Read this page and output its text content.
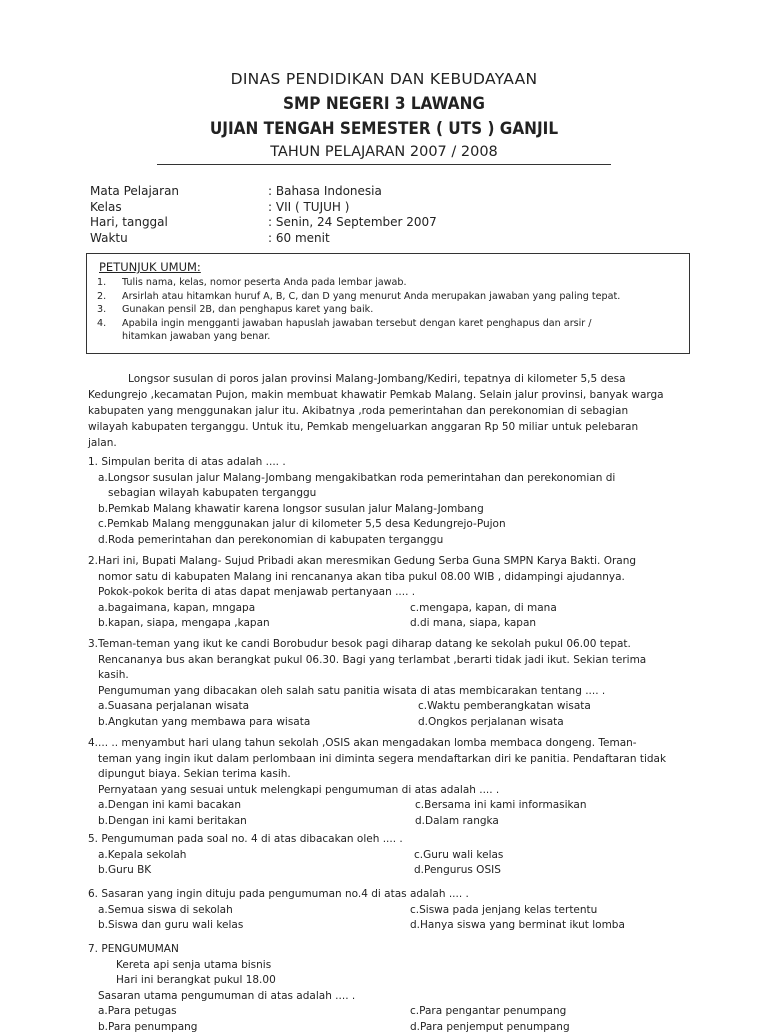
DINAS PENDIDIKAN DAN KEBUDAYAAN
SMP NEGERI 3 LAWANG
UJIAN TENGAH SEMESTER ( UTS ) GANJIL
TAHUN PELAJARAN 2007 / 2008
Mata Pelajaran	: Bahasa Indonesia
Kelas	: VII ( TUJUH )
Hari, tanggal	: Senin, 24 September 2007
Waktu	: 60 menit
PETUNJUK UMUM:
1. Tulis nama, kelas, nomor peserta Anda pada lembar jawab.
2. Arsirlah atau hitamkan huruf A, B, C, dan D yang menurut Anda merupakan jawaban yang paling tepat.
3. Gunakan pensil 2B, dan penghapus karet yang baik.
4. Apabila ingin mengganti jawaban hapuslah jawaban tersebut dengan karet penghapus dan arsir /
hitamkan jawaban yang benar.
Longsor susulan di poros jalan provinsi Malang-Jombang/Kediri, tepatnya di kilometer 5,5 desa
Kedungrejo ,kecamatan Pujon, makin membuat khawatir Pemkab Malang. Selain jalur provinsi, banyak warga
kabupaten yang menggunakan jalur itu. Akibatnya ,roda pemerintahan dan perekonomian di sebagian
wilayah kabupaten terganggu. Untuk itu, Pemkab mengeluarkan anggaran Rp 50 miliar untuk pelebaran
jalan.
1. Simpulan berita di atas adalah .... .
a.Longsor susulan jalur Malang-Jombang mengakibatkan roda pemerintahan dan perekonomian di
sebagian wilayah kabupaten terganggu
b.Pemkab Malang khawatir karena longsor susulan jalur Malang-Jombang
c.Pemkab Malang menggunakan jalur di kilometer 5,5 desa Kedungrejo-Pujon
d.Roda pemerintahan dan perekonomian di kabupaten terganggu
2.Hari ini, Bupati Malang- Sujud Pribadi akan meresmikan Gedung Serba Guna SMPN Karya Bakti. Orang
nomor satu di kabupaten Malang ini rencananya akan tiba pukul 08.00 WIB , didampingi ajudannya.
Pokok-pokok berita di atas dapat menjawab pertanyaan .... .
a.bagaimana, kapan, mngapa	c.mengapa, kapan, di mana
b.kapan, siapa, mengapa ,kapan	d.di mana, siapa, kapan
3.Teman-teman yang ikut ke candi Borobudur besok pagi diharap datang ke sekolah pukul 06.00 tepat.
Rencananya bus akan berangkat pukul 06.30. Bagi yang terlambat ,berarti tidak jadi ikut. Sekian terima
kasih.
Pengumuman yang dibacakan oleh salah satu panitia wisata di atas membicarakan tentang .... .
a.Suasana perjalanan wisata	c.Waktu pemberangkatan wisata
b.Angkutan yang membawa para wisata	d.Ongkos perjalanan wisata
4.... .. menyambut hari ulang tahun sekolah ,OSIS akan mengadakan lomba membaca dongeng. Teman-
teman yang ingin ikut dalam perlombaan ini diminta segera mendaftarkan diri ke panitia. Pendaftaran tidak
dipungut biaya. Sekian terima kasih.
Pernyataan yang sesuai untuk melengkapi pengumuman di atas adalah .... .
a.Dengan ini kami bacakan	c.Bersama ini kami informasikan
b.Dengan ini kami beritakan	d.Dalam rangka
5. Pengumuman pada soal no. 4 di atas dibacakan oleh .... .
a.Kepala sekolah	c.Guru wali kelas
b.Guru BK	d.Pengurus OSIS
6. Sasaran yang ingin dituju pada pengumuman no.4 di atas adalah .... .
a.Semua siswa di sekolah	c.Siswa pada jenjang kelas tertentu
b.Siswa dan guru wali kelas	d.Hanya siswa yang berminat ikut lomba
7. PENGUMUMAN
Kereta api senja utama bisnis
Hari ini berangkat pukul 18.00
Sasaran utama pengumuman di atas adalah .... .
a.Para petugas	c.Para pengantar penumpang
b.Para penumpang	d.Para penjemput penumpang
